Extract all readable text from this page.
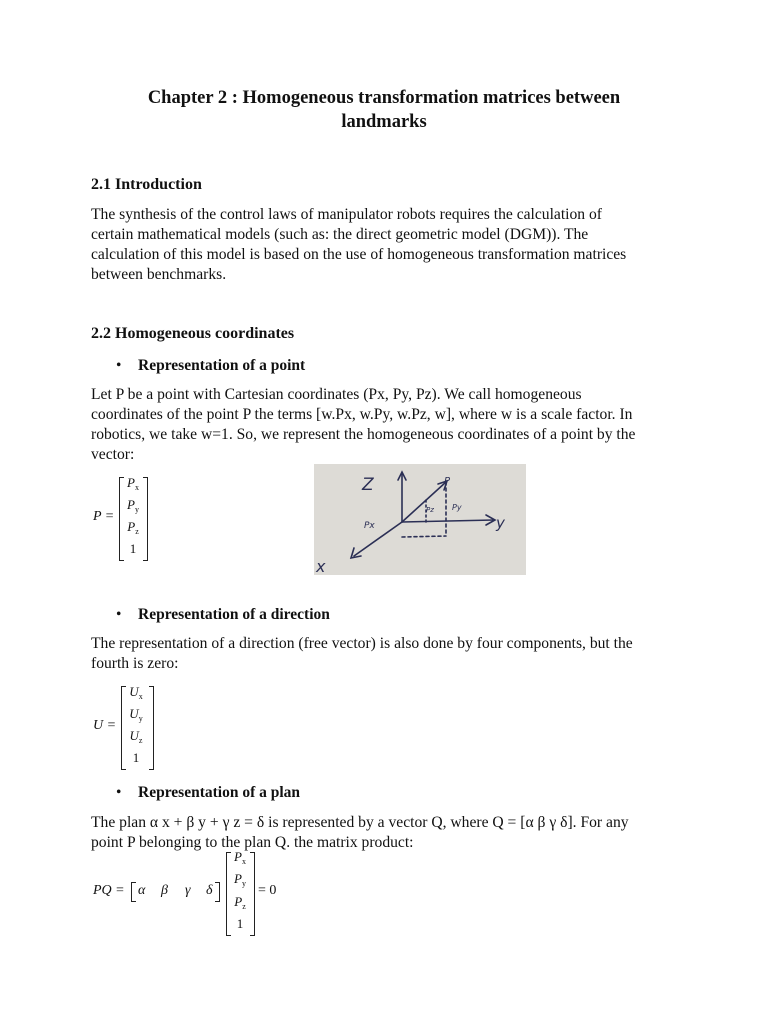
Chapter 2 : Homogeneous transformation matrices between
landmarks
2.1 Introduction
The synthesis of the control laws of manipulator robots requires the calculation of
certain mathematical models (such as: the direct geometric model (DGM)). The
calculation of this model is based on the use of homogeneous transformation matrices
between benchmarks.
2.2 Homogeneous coordinates
• Representation of a point
Let P be a point with Cartesian coordinates (Px, Py, Pz). We call homogeneous
coordinates of the point P the terms [w.Px, w.Py, w.Pz, w], where w is a scale factor. In
robotics, we take w=1. So, we represent the homogeneous coordinates of a point by the
vector:
P =
$P_x$
$P_y$
$P_z$
1
Z	P
Pz Py
Px	y
x
• Representation of a direction
The representation of a direction (free vector) is also done by four components, but the
fourth is zero:
U =
$U_x$
$U_y$
$U_z$
1
• Representation of a plan
The plan α x + β y + γ z = δ is represented by a vector Q, where Q = [α β γ δ]. For any
point P belonging to the plan Q. the matrix product:
PQ = α β γ δ
$P_x$
$P_y$
$P_z$
1
= 0
